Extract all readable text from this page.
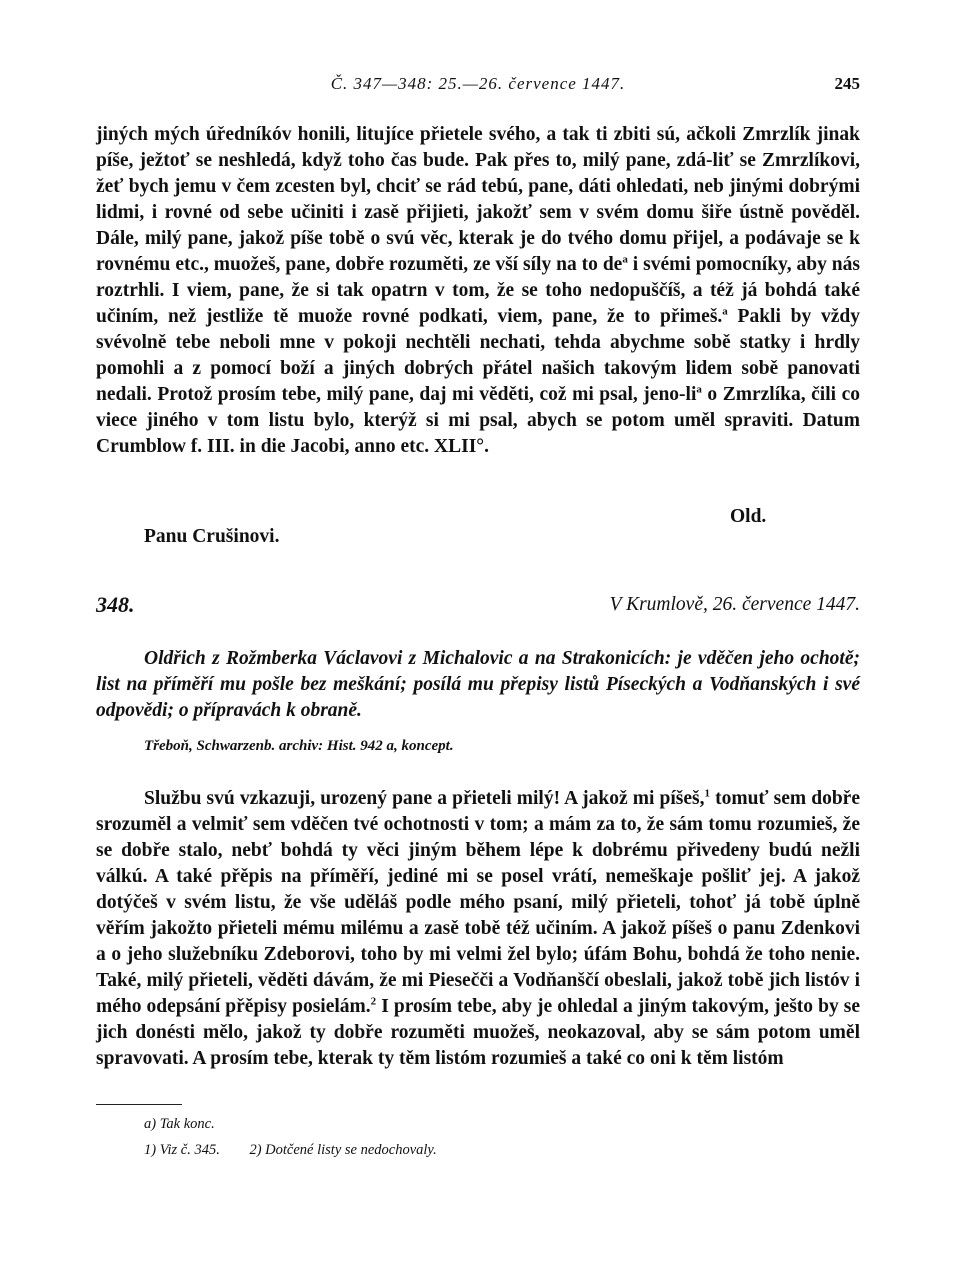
Č. 347—348: 25.—26. července 1447.	245

jiných mých úředníkóv honili, litujíce přietele svého, a tak ti zbiti sú, ačkoli Zmrzlík jinak píše, ježtoť se neshledá, když toho čas bude. Pak přes to, milý pane, zdá-liť se Zmrzlíkovi, žeť bych jemu v čem zcesten byl, chciť se rád tebú, pane, dáti ohledati, neb jinými dobrými lidmi, i rovné od sebe učiniti i zasě přijieti, jakožť sem v svém domu šiře ústně pověděl. Dále, milý pane, jakož píše tobě o svú věc, kterak je do tvého domu přijel, a podávaje se k rovnému etc., muožeš, pane, dobře rozuměti, ze vší síly na to $de^a$ i svémi pomocníky, aby nás roztrhli. I viem, pane, že si tak opatrn v tom, že se toho nedopuščíš, a též já bohdá také učiním, než jestliže tě muože rovné podkati, viem, pane, že to přimeš.$^a$ Pakli by vždy svévolně tebe neboli mne v pokoji nechtěli nechati, tehda abychme sobě statky i hrdly pomohli a z pomocí boží a jiných dobrých přátel našich takovým lidem sobě panovati nedali. Protož prosím tebe, milý pane, daj mi věděti, což mi psal, jeno-$li^a$ o Zmrzlíka, čili co viece jiného v tom listu bylo, kterýž si mi psal, abych se potom uměl spraviti. Datum Crumblow f. III. in die Jacobi, anno etc. XLII°.

Old.
Panu Crušinovi.
348.	V Krumlově, 26. července 1447.

Oldřich z Rožmberka Václavovi z Michalovic a na Strakonicích: je vděčen jeho ochotě; list na příměří mu pošle bez meškání; posílá mu přepisy listů Píseckých a Vodňanských i své odpovědi; o přípravách k obraně.

Třeboň, Schwarzenb. archiv: Hist. 942 a, koncept.

Službu svú vzkazuji, urozený pane a přieteli milý! A jakož mi píšeš,$^1$ tomuť sem dobře srozuměl a velmiť sem vděčen tvé ochotnosti v tom; a mám za to, že sám tomu rozumieš, že se dobře stalo, nebť bohdá ty věci jiným během lépe k dobrému přivedeny budú nežli válkú. A také přěpis na příměří, jediné mi se posel vrátí, nemeškaje pošliť jej. A jakož dotýčeš v svém listu, že vše uděláš podle mého psaní, milý přieteli, tohoť já tobě úplně věřím jakožto přieteli mému milému a zasě tobě též učiním. A jakož píšeš o panu Zdenkovi a o jeho služebníku Zdeborovi, toho by mi velmi žel bylo; úfám Bohu, bohdá že toho nenie. Také, milý přieteli, věděti dávám, že mi Piesečči a Vodňanščí obeslali, jakož tobě jich listóv i mého odepsání přěpisy posielám.$^2$ I prosím tebe, aby je ohledal a jiným takovým, ješto by se jich donésti mělo, jakož ty dobře rozuměti muožeš, neokazoval, aby se sám potom uměl spravovati. A prosím tebe, kterak ty těm listóm rozumieš a také co oni k těm listóm

a) Tak konc.
1) Viz č. 345. 2) Dotčené listy se nedochovaly.
